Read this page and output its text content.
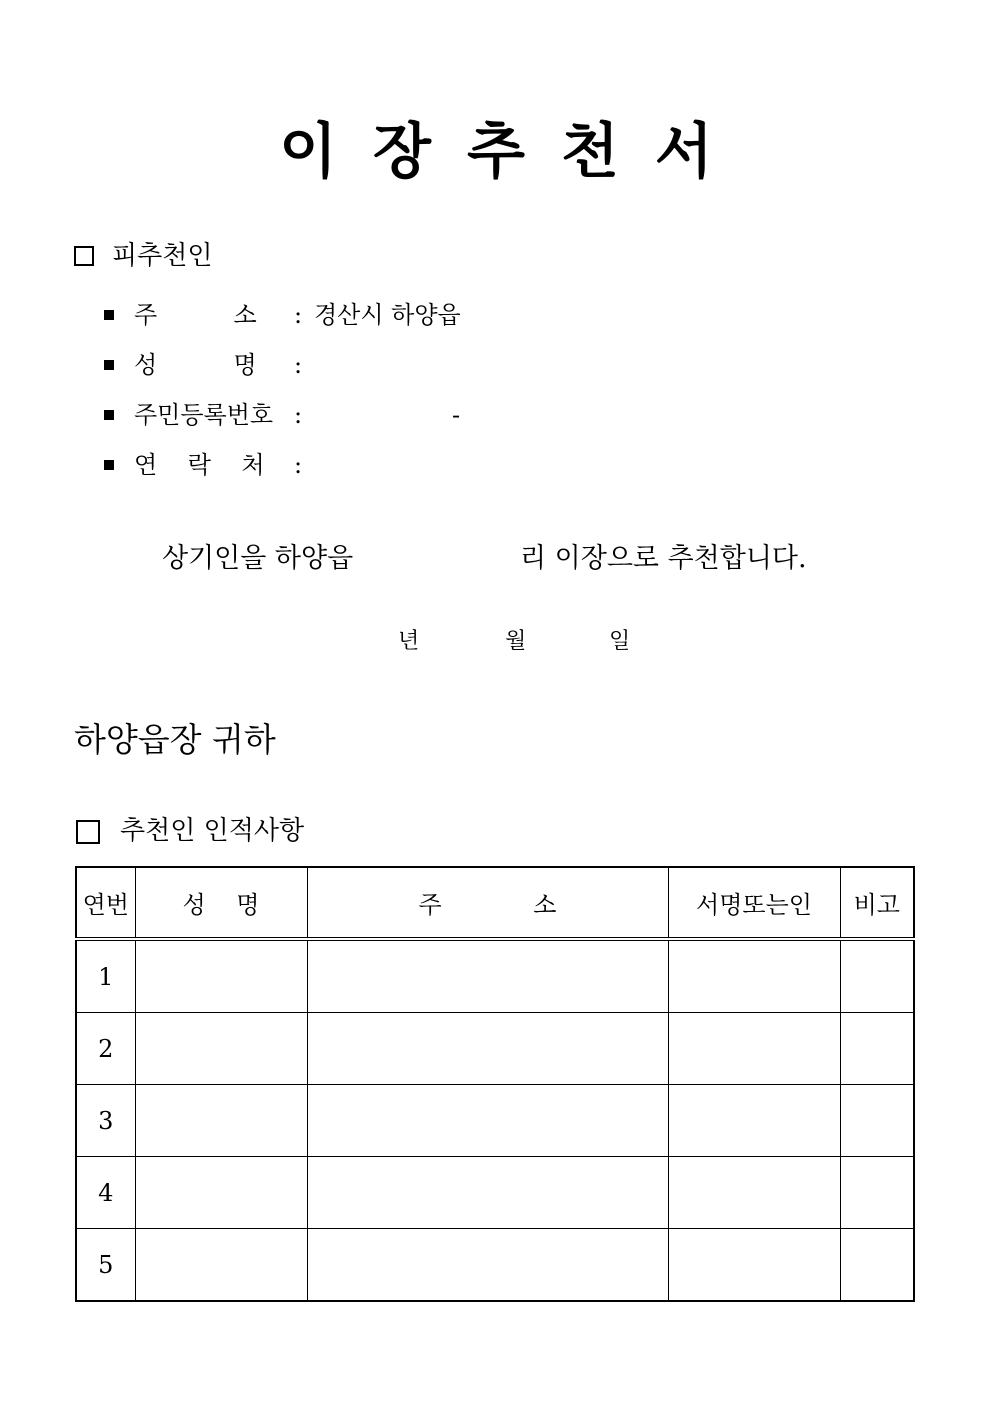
이장추천서
피추천인
주          소 : 경산시 하양읍
성          명 :
주민등록번호 :	-
연    락    처 :
상기인을 하양읍	리 이장으로 추천합니다.
년	월	일
하양읍장 귀하
추천인 인적사항
연번	성    명	주            소	서명또는인	비고
1				
2				
3				
4				
5				
